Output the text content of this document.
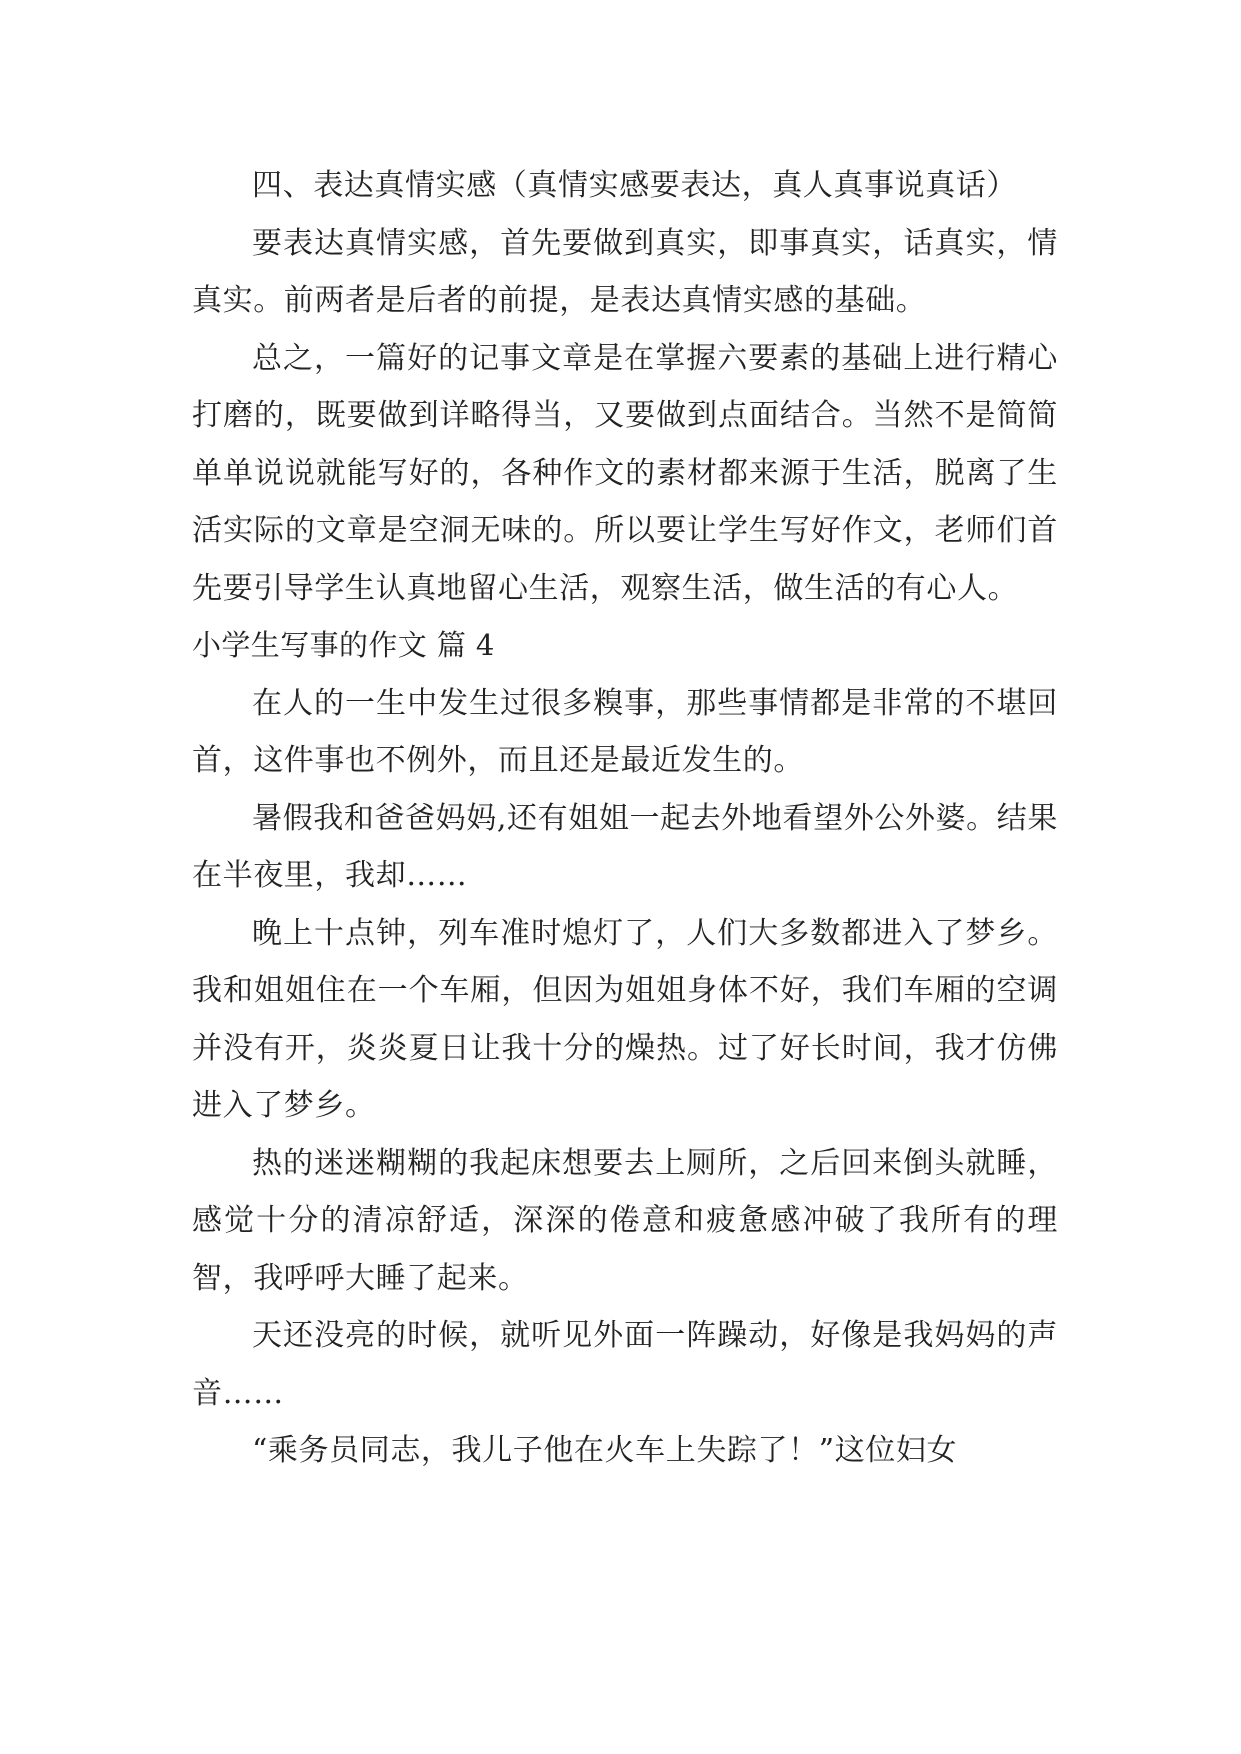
四、表达真情实感（真情实感要表达，真人真事说真话）

要表达真情实感，首先要做到真实，即事真实，话真实，情真实。前两者是后者的前提，是表达真情实感的基础。

总之，一篇好的记事文章是在掌握六要素的基础上进行精心打磨的，既要做到详略得当，又要做到点面结合。当然不是简简单单说说就能写好的，各种作文的素材都来源于生活，脱离了生活实际的文章是空洞无味的。所以要让学生写好作文，老师们首先要引导学生认真地留心生活，观察生活，做生活的有心人。

小学生写事的作文 篇 4

在人的一生中发生过很多糗事，那些事情都是非常的不堪回首，这件事也不例外，而且还是最近发生的。

暑假我和爸爸妈妈,还有姐姐一起去外地看望外公外婆。结果在半夜里，我却……

晚上十点钟，列车准时熄灯了，人们大多数都进入了梦乡。我和姐姐住在一个车厢，但因为姐姐身体不好，我们车厢的空调并没有开，炎炎夏日让我十分的燥热。过了好长时间，我才仿佛进入了梦乡。

热的迷迷糊糊的我起床想要去上厕所，之后回来倒头就睡，感觉十分的清凉舒适，深深的倦意和疲惫感冲破了我所有的理智，我呼呼大睡了起来。

天还没亮的时候，就听见外面一阵躁动，好像是我妈妈的声音……

“乘务员同志，我儿子他在火车上失踪了！”这位妇女
